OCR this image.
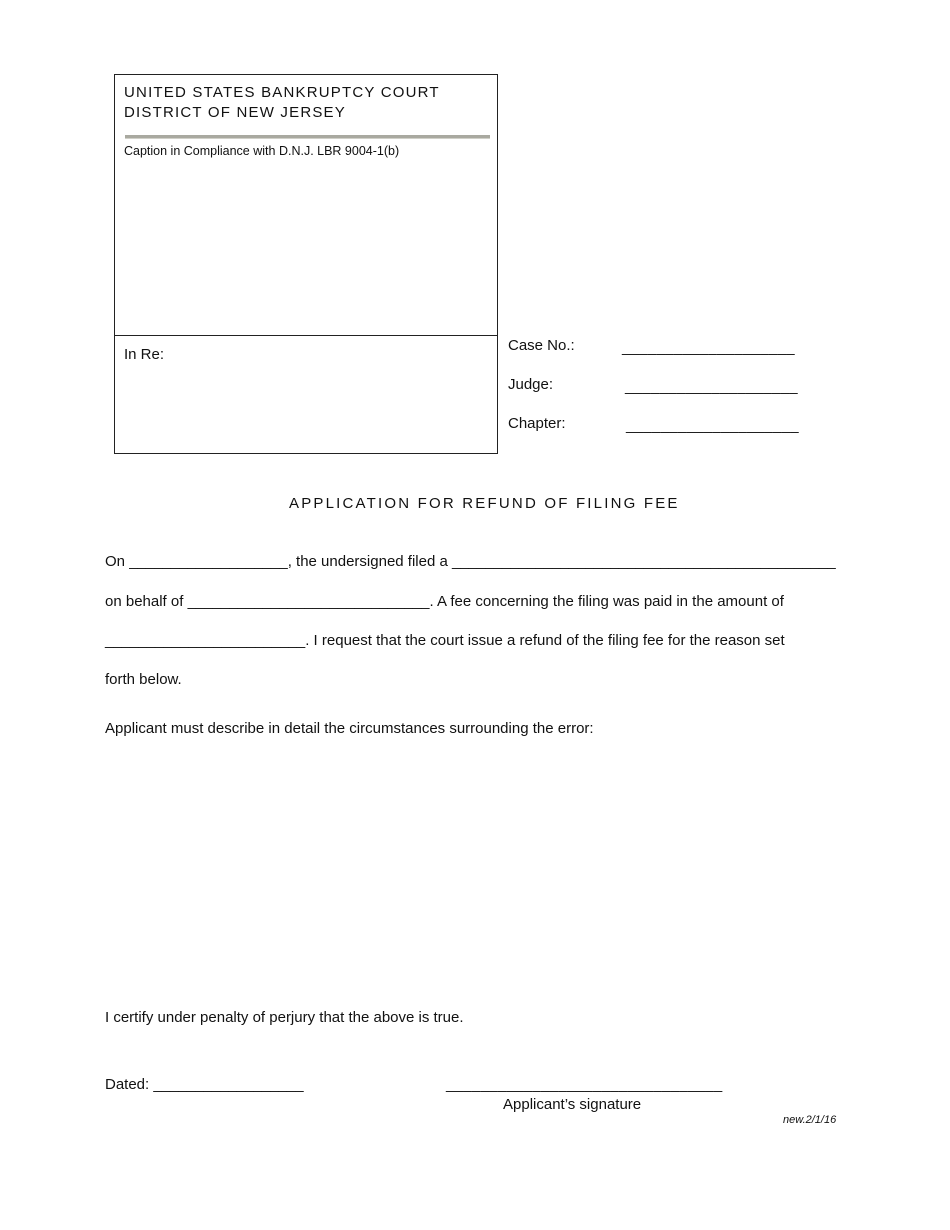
UNITED STATES BANKRUPTCY COURT
DISTRICT OF NEW JERSEY
Caption in Compliance with D.N.J. LBR 9004-1(b)
In Re:
Case No.:	____________________
Judge:	____________________
Chapter:	____________________
APPLICATION FOR REFUND OF FILING FEE
On ___________________, the undersigned filed a ______________________________________________
on behalf of _____________________________. A fee concerning the filing was paid in the amount of
________________________. I request that the court issue a refund of the filing fee for the reason set
forth below.
Applicant must describe in detail the circumstances surrounding the error:
I certify under penalty of perjury that the above is true.
Dated: __________________	________________________________
Applicant’s signature
new.2/1/16
